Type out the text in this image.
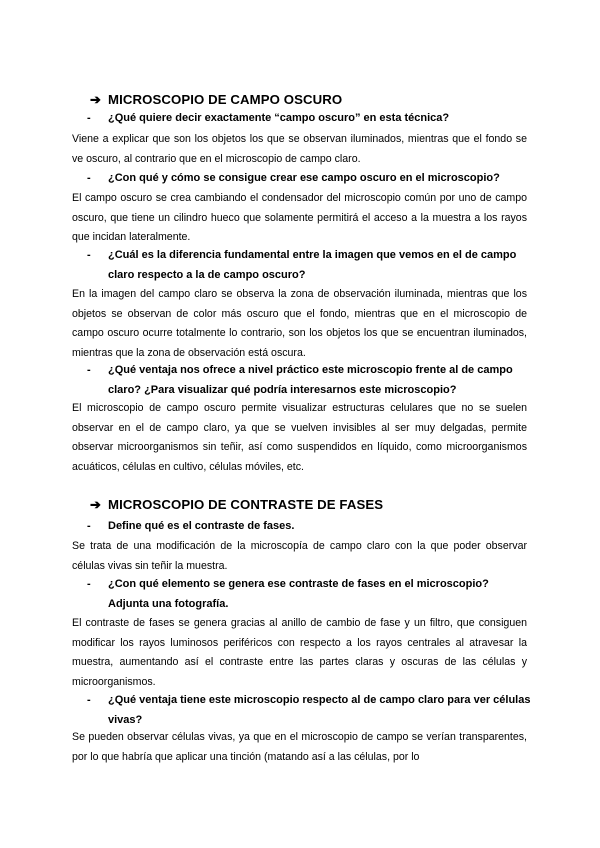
➔ MICROSCOPIO DE CAMPO OSCURO
-	¿Qué quiere decir exactamente “campo oscuro” en esta técnica?
Viene a explicar que son los objetos los que se observan iluminados, mientras que el fondo se ve oscuro, al contrario que en el microscopio de campo claro.
-	¿Con qué y cómo se consigue crear ese campo oscuro en el microscopio?
El campo oscuro se crea cambiando el condensador del microscopio común por uno de campo oscuro, que tiene un cilindro hueco que solamente permitirá el acceso a la muestra a los rayos que incidan lateralmente.
-	¿Cuál es la diferencia fundamental entre la imagen que vemos en el de campo claro respecto a la de campo oscuro?
En la imagen del campo claro se observa la zona de observación iluminada, mientras que los objetos se observan de color más oscuro que el fondo, mientras que en el microscopio de campo oscuro ocurre totalmente lo contrario, son los objetos los que se encuentran iluminados, mientras que la zona de observación está oscura.
-	¿Qué ventaja nos ofrece a nivel práctico este microscopio frente al de campo claro? ¿Para visualizar qué podría interesarnos este microscopio?
El microscopio de campo oscuro permite visualizar estructuras celulares que no se suelen observar en el de campo claro, ya que se vuelven invisibles al ser muy delgadas, permite observar microorganismos sin teñir, así como suspendidos en líquido, como microorganismos acuáticos, células en cultivo, células móviles, etc.
➔ MICROSCOPIO DE CONTRASTE DE FASES
-	Define qué es el contraste de fases.
Se trata de una modificación de la microscopía de campo claro con la que poder observar células vivas sin teñir la muestra.
-	¿Con qué elemento se genera ese contraste de fases en el microscopio? Adjunta una fotografía.
El contraste de fases se genera gracias al anillo de cambio de fase y un filtro, que consiguen modificar los rayos luminosos periféricos con respecto a los rayos centrales al atravesar la muestra, aumentando así el contraste entre las partes claras y oscuras de las células y microorganismos.
-	¿Qué ventaja tiene este microscopio respecto al de campo claro para ver células vivas?
Se pueden observar células vivas, ya que en el microscopio de campo se verían transparentes, por lo que habría que aplicar una tinción (matando así a las células, por lo
